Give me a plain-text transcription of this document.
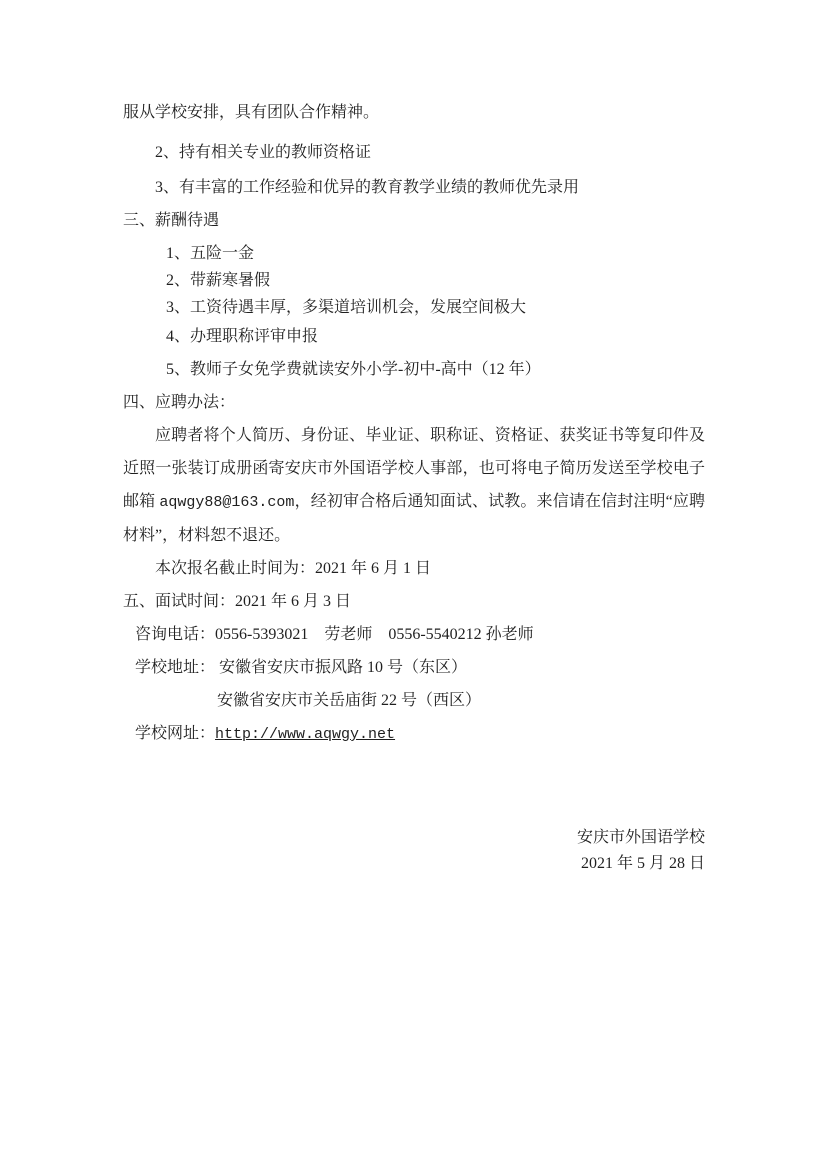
服从学校安排，具有团队合作精神。
2、持有相关专业的教师资格证
3、有丰富的工作经验和优异的教育教学业绩的教师优先录用
三、薪酬待遇
1、五险一金
2、带薪寒暑假
3、工资待遇丰厚，多渠道培训机会，发展空间极大
4、办理职称评审申报
5、教师子女免学费就读安外小学-初中-高中（12 年）
四、应聘办法：
应聘者将个人简历、身份证、毕业证、职称证、资格证、获奖证书等复印件及近照一张装订成册函寄安庆市外国语学校人事部，也可将电子简历发送至学校电子邮箱 aqwgy88@163.com，经初审合格后通知面试、试教。来信请在信封注明“应聘材料”，材料恕不退还。
本次报名截止时间为：2021 年 6 月 1 日
五、面试时间：2021 年 6 月 3 日
咨询电话：0556-5393021　劳老师　0556-5540212 孙老师
学校地址： 安徽省安庆市振风路 10 号（东区）
安徽省安庆市关岳庙街 22 号（西区）
学校网址：http://www.aqwgy.net
安庆市外国语学校
2021 年 5 月 28 日
